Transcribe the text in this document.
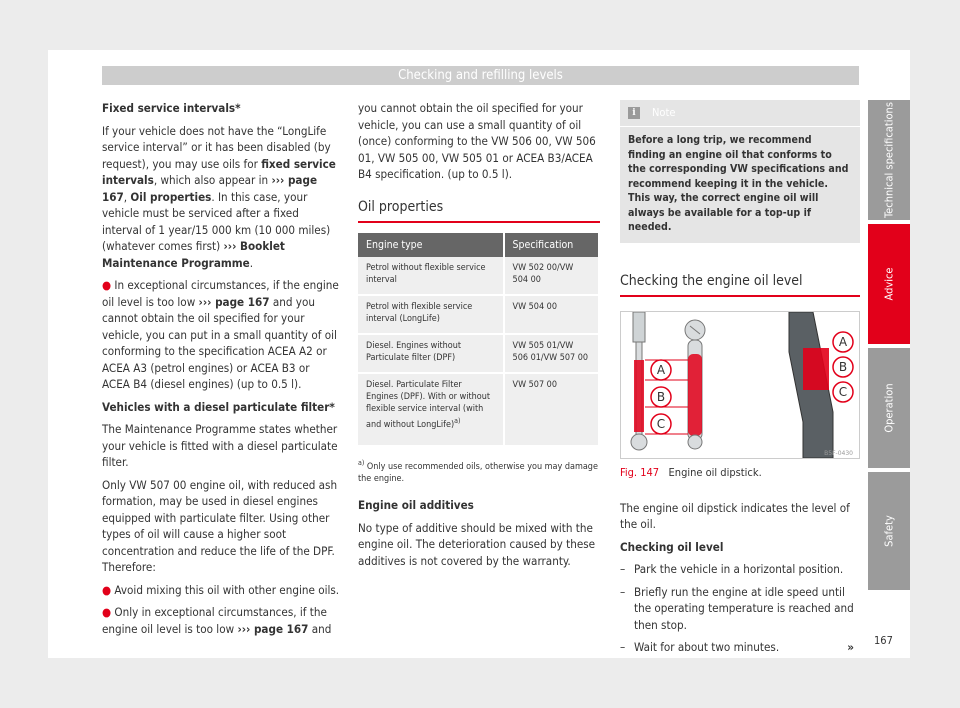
Checking and refilling levels

Fixed service intervals*

If your vehicle does not have the “LongLife service interval” or it has been disabled (by request), you may use oils for fixed service intervals, which also appear in ››› page 167, Oil properties. In this case, your vehicle must be serviced after a fixed interval of 1 year/15 000 km (10 000 miles)(whatever comes first) ››› Booklet Maintenance Programme.

● In exceptional circumstances, if the engine oil level is too low ››› page 167 and you cannot obtain the oil specified for your vehicle, you can put in a small quantity of oil conforming to the specification ACEA A2 or ACEA A3 (petrol engines) or ACEA B3 or ACEA B4 (diesel engines) (up to 0.5 l).

Vehicles with a diesel particulate filter*

The Maintenance Programme states whether your vehicle is fitted with a diesel particulate filter.

Only VW 507 00 engine oil, with reduced ash formation, may be used in diesel engines equipped with particulate filter. Using other types of oil will cause a higher soot concentration and reduce the life of the DPF. Therefore:

● Avoid mixing this oil with other engine oils.

● Only in exceptional circumstances, if the engine oil level is too low ››› page 167 and

you cannot obtain the oil specified for your vehicle, you can use a small quantity of oil (once) conforming to the VW 506 00, VW 506 01, VW 505 00, VW 505 01 or ACEA B3/ACEA B4 specification. (up to 0.5 l).

Oil properties
Engine type	Specification
Petrol without flexible service interval	VW 502 00/VW 504 00
Petrol with flexible service interval (LongLife)	VW 504 00
Diesel. Engines without Particulate filter (DPF)	VW 505 01/VW 506 01/VW 507 00
Diesel. Particulate Filter Engines (DPF). With or without flexible service interval (with and without LongLife)$^{a)}$	VW 507 00

$^{a)}$ Only use recommended oils, otherwise you may damage the engine.

Engine oil additives

No type of additive should be mixed with the engine oil. The deterioration caused by these additives is not covered by the warranty.

i	Note
Before a long trip, we recommend finding an engine oil that conforms to the corresponding VW specifications and recommend keeping it in the vehicle. This way, the correct engine oil will always be available for a top-up if needed.
Checking the engine oil level
A
B
C
A
B
C
B5F-0430
Fig. 147 Engine oil dipstick.

The engine oil dipstick indicates the level of the oil.

Checking oil level

– Park the vehicle in a horizontal position.

– Briefly run the engine at idle speed until the operating temperature is reached and then stop.

– Wait for about two minutes.	»

Technical specifications
Advice
Operation
Safety
167
